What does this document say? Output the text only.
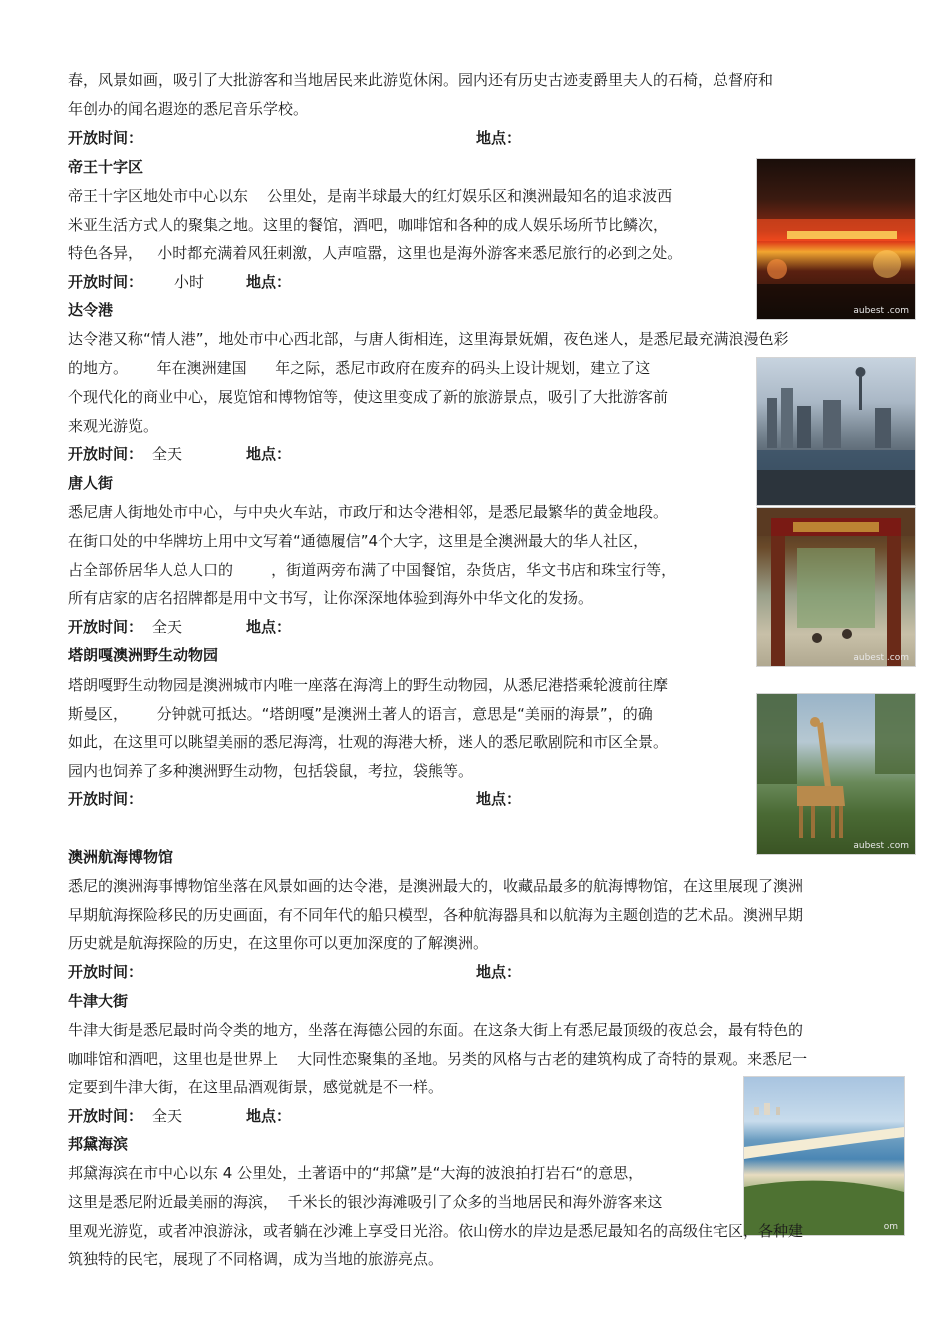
春，风景如画，吸引了大批游客和当地居民来此游览休闲。园内还有历史古迹麦爵里夫人的石椅，总督府和
年创办的闻名遐迩的悉尼音乐学校。
开放时间：	地点：
帝王十字区
帝王十字区地处市中心以东    公里处，是南半球最大的红灯娱乐区和澳洲最知名的追求波西
米亚生活方式人的聚集之地。这里的餐馆，酒吧，咖啡馆和各种的成人娱乐场所节比鳞次，
特色各异，   小时都充满着风狂刺激，人声喧嚣，这里也是海外游客来悉尼旅行的必到之处。
开放时间： 小时	地点：
aubest .com
达令港
达令港又称“情人港”，地处市中心西北部，与唐人街相连，这里海景妩媚，夜色迷人，是悉尼最充满浪漫色彩
的地方。      年在澳洲建国      年之际，悉尼市政府在废弃的码头上设计规划，建立了这
个现代化的商业中心，展览馆和博物馆等，使这里变成了新的旅游景点，吸引了大批游客前
来观光游览。
开放时间： 全天	地点：
唐人街
悉尼唐人街地处市中心，与中央火车站，市政厅和达令港相邻，是悉尼最繁华的黄金地段。
在街口处的中华牌坊上用中文写着“通德履信”4个大字，这里是全澳洲最大的华人社区，
占全部侨居华人总人口的        ，街道两旁布满了中国餐馆，杂货店，华文书店和珠宝行等，
所有店家的店名招牌都是用中文书写，让你深深地体验到海外中华文化的发扬。
开放时间： 全天	地点：
aubest .com
塔朗嘎澳洲野生动物园
塔朗嘎野生动物园是澳洲城市内唯一座落在海湾上的野生动物园，从悉尼港搭乘轮渡前往摩
斯曼区，      分钟就可抵达。“塔朗嘎”是澳洲土著人的语言，意思是“美丽的海景”，的确
如此，在这里可以眺望美丽的悉尼海湾，壮观的海港大桥，迷人的悉尼歌剧院和市区全景。
园内也饲养了多种澳洲野生动物，包括袋鼠，考拉，袋熊等。
开放时间：	地点：
aubest .com
澳洲航海博物馆
悉尼的澳洲海事博物馆坐落在风景如画的达令港，是澳洲最大的，收藏品最多的航海博物馆，在这里展现了澳洲
早期航海探险移民的历史画面，有不同年代的船只模型，各种航海器具和以航海为主题创造的艺术品。澳洲早期
历史就是航海探险的历史，在这里你可以更加深度的了解澳洲。
开放时间：	地点：
牛津大街
牛津大街是悉尼最时尚令类的地方，坐落在海德公园的东面。在这条大街上有悉尼最顶级的夜总会，最有特色的
咖啡馆和酒吧，这里也是世界上    大同性恋聚集的圣地。另类的风格与古老的建筑构成了奇特的景观。来悉尼一
定要到牛津大街，在这里品酒观街景，感觉就是不一样。
开放时间： 全天	地点：
om
邦黛海滨
邦黛海滨在市中心以东 4 公里处，土著语中的“邦黛”是“大海的波浪拍打岩石“的意思，
这里是悉尼附近最美丽的海滨，  千米长的银沙海滩吸引了众多的当地居民和海外游客来这
里观光游览，或者冲浪游泳，或者躺在沙滩上享受日光浴。依山傍水的岸边是悉尼最知名的高级住宅区，各种建
筑独特的民宅，展现了不同格调，成为当地的旅游亮点。
